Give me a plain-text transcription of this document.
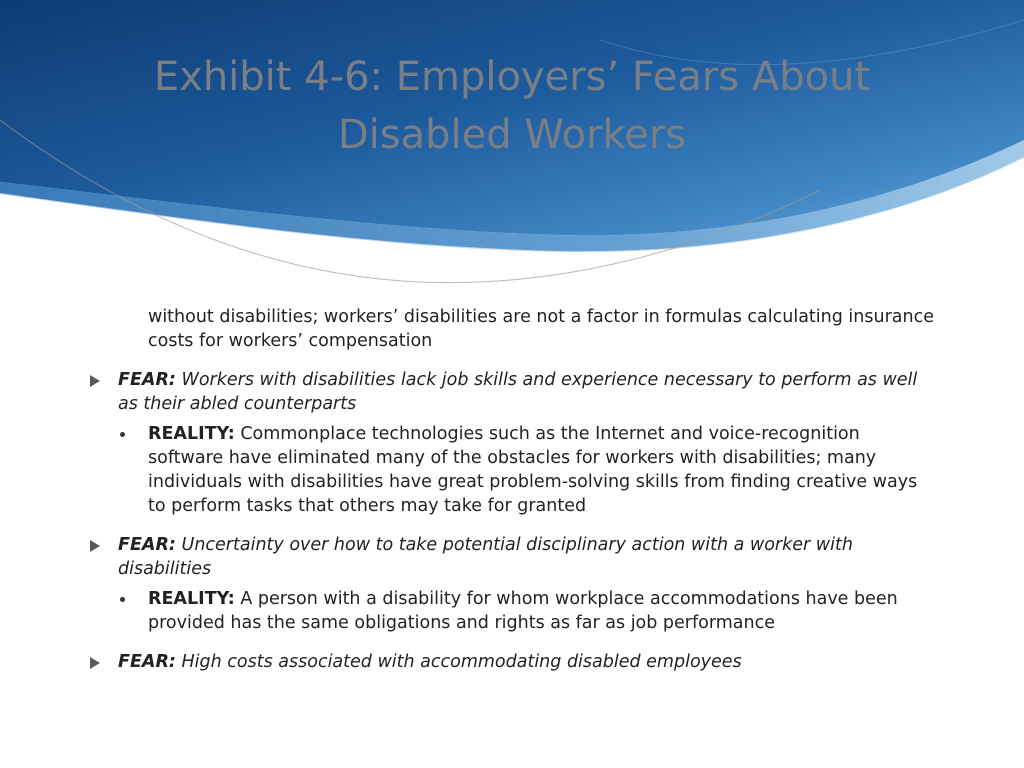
Exhibit 4-6: Employers’ Fears About
Disabled Workers
without disabilities; workers’ disabilities are not a factor in formulas calculating insurance costs for workers’ compensation
FEAR: Workers with disabilities lack job skills and experience necessary to perform as well as their abled counterparts
REALITY: Commonplace technologies such as the Internet and voice-recognition software have eliminated many of the obstacles for workers with disabilities; many individuals with disabilities have great problem-solving skills from finding creative ways to perform tasks that others may take for granted
FEAR: Uncertainty over how to take potential disciplinary action with a worker with disabilities
REALITY: A person with a disability for whom workplace accommodations have been provided has the same obligations and rights as far as job performance
FEAR: High costs associated with accommodating disabled employees
